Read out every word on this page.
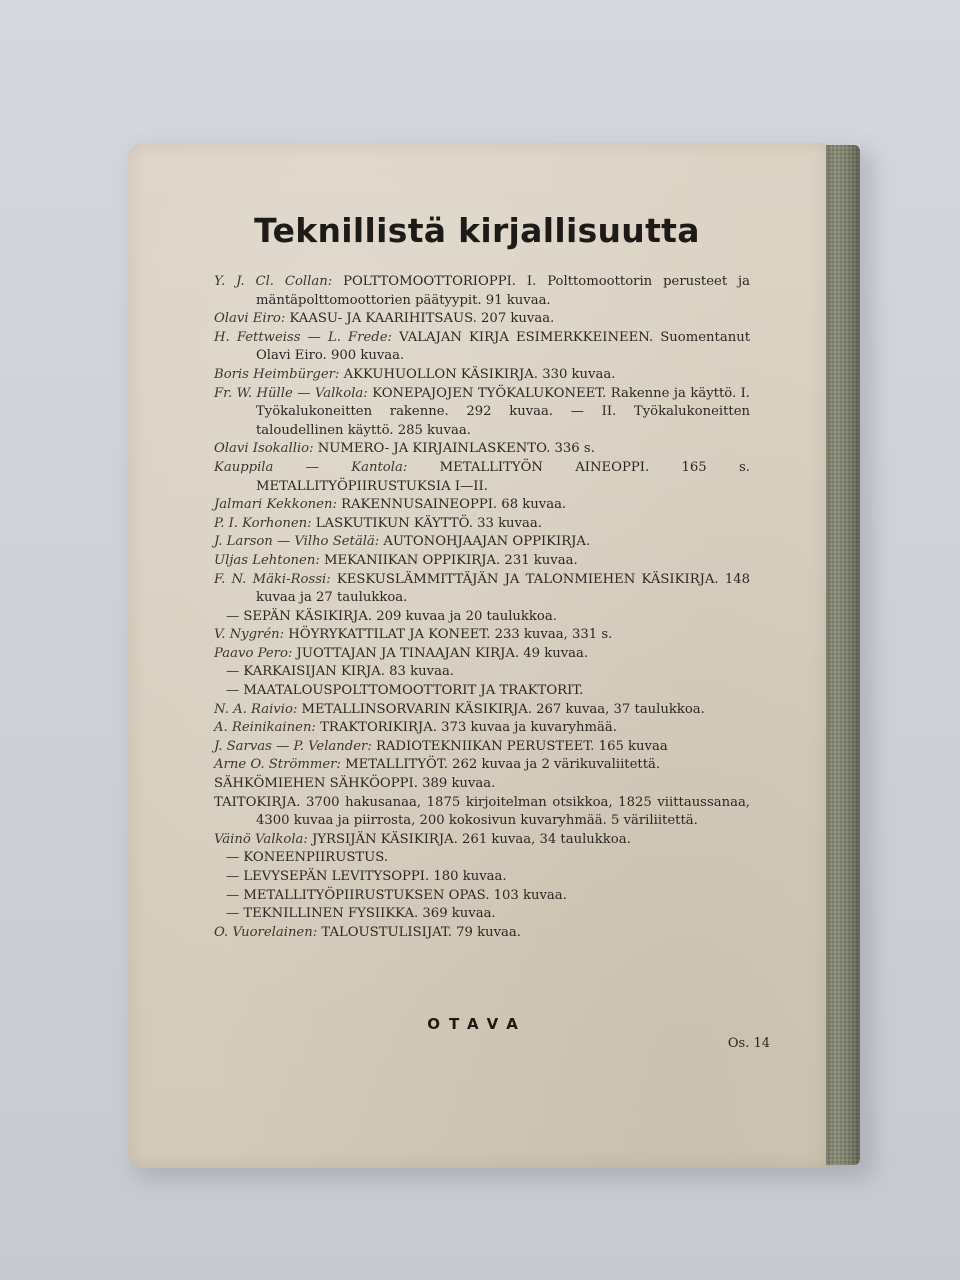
Teknillistä kirjallisuutta
Y. J. Cl. Collan: POLTTOMOOTTORIOPPI. I. Polttomoottorin perusteet ja mäntäpolttomoottorien päätyypit. 91 kuvaa.
Olavi Eiro: KAASU- JA KAARIHITSAUS. 207 kuvaa.
H. Fettweiss — L. Frede: VALAJAN KIRJA ESIMERKKEINEEN. Suomentanut Olavi Eiro. 900 kuvaa.
Boris Heimbürger: AKKUHUOLLON KÄSIKIRJA. 330 kuvaa.
Fr. W. Hülle — Valkola: KONEPAJOJEN TYÖKALUKONEET. Rakenne ja käyttö. I. Työkalukoneitten rakenne. 292 kuvaa. — II. Työkalukoneitten taloudellinen käyttö. 285 kuvaa.
Olavi Isokallio: NUMERO- JA KIRJAINLASKENTO. 336 s.
Kauppila — Kantola: METALLITYÖN AINEOPPI. 165 s. METALLITYÖPIIRUSTUKSIA I—II.
Jalmari Kekkonen: RAKENNUSAINEOPPI. 68 kuvaa.
P. I. Korhonen: LASKUTIKUN KÄYTTÖ. 33 kuvaa.
J. Larson — Vilho Setälä: AUTONOHJAAJAN OPPIKIRJA.
Uljas Lehtonen: MEKANIIKAN OPPIKIRJA. 231 kuvaa.
F. N. Mäki-Rossi: KESKUSLÄMMITTÄJÄN JA TALONMIEHEN KÄSIKIRJA. 148 kuvaa ja 27 taulukkoa.
— SEPÄN KÄSIKIRJA. 209 kuvaa ja 20 taulukkoa.
V. Nygrén: HÖYRYKATTILAT JA KONEET. 233 kuvaa, 331 s.
Paavo Pero: JUOTTAJAN JA TINAAJAN KIRJA. 49 kuvaa.
— KARKAISIJAN KIRJA. 83 kuvaa.
— MAATALOUSPOLTTOMOOTTORIT JA TRAKTORIT.
N. A. Raivio: METALLINSORVARIN KÄSIKIRJA. 267 kuvaa, 37 taulukkoa.
A. Reinikainen: TRAKTORIKIRJA. 373 kuvaa ja kuvaryhmää.
J. Sarvas — P. Velander: RADIOTEKNIIKAN PERUSTEET. 165 kuvaa
Arne O. Strömmer: METALLITYÖT. 262 kuvaa ja 2 värikuvaliitettä.
SÄHKÖMIEHEN SÄHKÖOPPI. 389 kuvaa.
TAITOKIRJA. 3700 hakusanaa, 1875 kirjoitelman otsikkoa, 1825 viittaussanaa, 4300 kuvaa ja piirrosta, 200 kokosivun kuvaryhmää. 5 väriliitettä.
Väinö Valkola: JYRSIJÄN KÄSIKIRJA. 261 kuvaa, 34 taulukkoa.
— KONEENPIIRUSTUS.
— LEVYSEPÄN LEVITYSOPPI. 180 kuvaa.
— METALLITYÖPIIRUSTUKSEN OPAS. 103 kuvaa.
— TEKNILLINEN FYSIIKKA. 369 kuvaa.
O. Vuorelainen: TALOUSTULISIJAT. 79 kuvaa.
OTAVA
Os. 14
